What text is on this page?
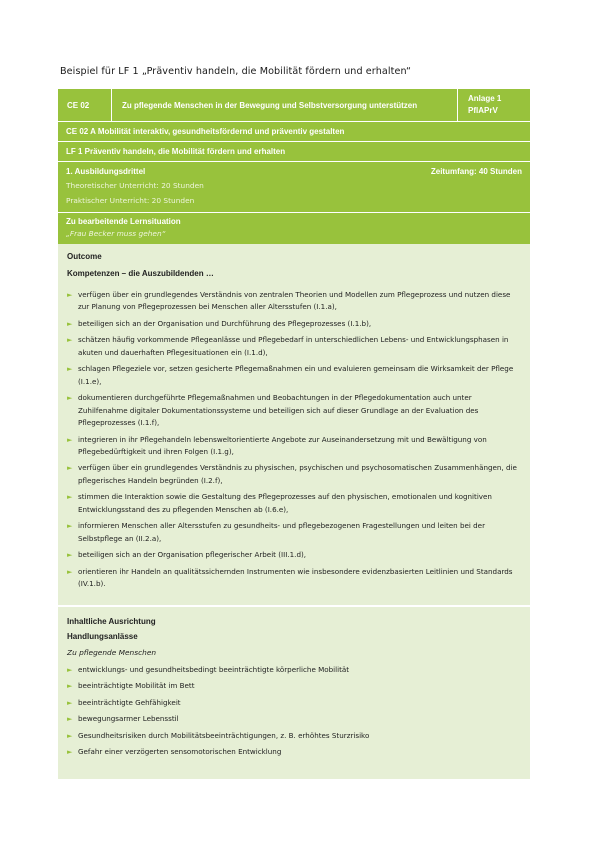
Beispiel für LF 1 „Präventiv handeln, die Mobilität fördern und erhalten“
CE 02	Zu pflegende Menschen in der Bewegung und Selbstversorgung unterstützen
Anlage 1
PflAPrV
CE 02 A Mobilität interaktiv, gesundheitsfördernd und präventiv gestalten
LF 1 Präventiv handeln, die Mobilität fördern und erhalten
1. Ausbildungsdrittel	Zeitumfang: 40 Stunden
Theoretischer Unterricht: 20 Stunden
Praktischer Unterricht: 20 Stunden
Zu bearbeitende Lernsituation
„Frau Becker muss gehen“
Outcome
Kompetenzen – die Auszubildenden …
► verfügen über ein grundlegendes Verständnis von zentralen Theorien und Modellen zum Pflegeprozess und nutzen diese zur Planung von Pflegeprozessen bei Menschen aller Altersstufen (I.1.a),
► beteiligen sich an der Organisation und Durchführung des Pflegeprozesses (I.1.b),
► schätzen häufig vorkommende Pflegeanlässe und Pflegebedarf in unterschiedlichen Lebens- und Entwicklungsphasen in akuten und dauerhaften Pflegesituationen ein (I.1.d),
► schlagen Pflegeziele vor, setzen gesicherte Pflegemaßnahmen ein und evaluieren gemeinsam die Wirksamkeit der Pflege (I.1.e),
► dokumentieren durchgeführte Pflegemaßnahmen und Beobachtungen in der Pflegedokumentation auch unter Zuhilfenahme digitaler Dokumentationssysteme und beteiligen sich auf dieser Grundlage an der Evaluation des Pflegeprozesses (I.1.f),
► integrieren in ihr Pflegehandeln lebensweltorientierte Angebote zur Auseinandersetzung mit und Bewältigung von Pflegebedürftigkeit und ihren Folgen (I.1.g),
► verfügen über ein grundlegendes Verständnis zu physischen, psychischen und psychosomatischen Zusammenhängen, die pflegerisches Handeln begründen (I.2.f),
► stimmen die Interaktion sowie die Gestaltung des Pflegeprozesses auf den physischen, emotionalen und kognitiven Entwicklungsstand des zu pflegenden Menschen ab (I.6.e),
► informieren Menschen aller Altersstufen zu gesundheits- und pflegebezogenen Fragestellungen und leiten bei der Selbstpflege an (II.2.a),
► beteiligen sich an der Organisation pflegerischer Arbeit (III.1.d),
► orientieren ihr Handeln an qualitätssichernden Instrumenten wie insbesondere evidenzbasierten Leitlinien und Standards (IV.1.b).
Inhaltliche Ausrichtung
Handlungsanlässe
Zu pflegende Menschen
► entwicklungs- und gesundheitsbedingt beeinträchtigte körperliche Mobilität
► beeinträchtigte Mobilität im Bett
► beeinträchtigte Gehfähigkeit
► bewegungsarmer Lebensstil
► Gesundheitsrisiken durch Mobilitätsbeeinträchtigungen, z. B. erhöhtes Sturzrisiko
► Gefahr einer verzögerten sensomotorischen Entwicklung
